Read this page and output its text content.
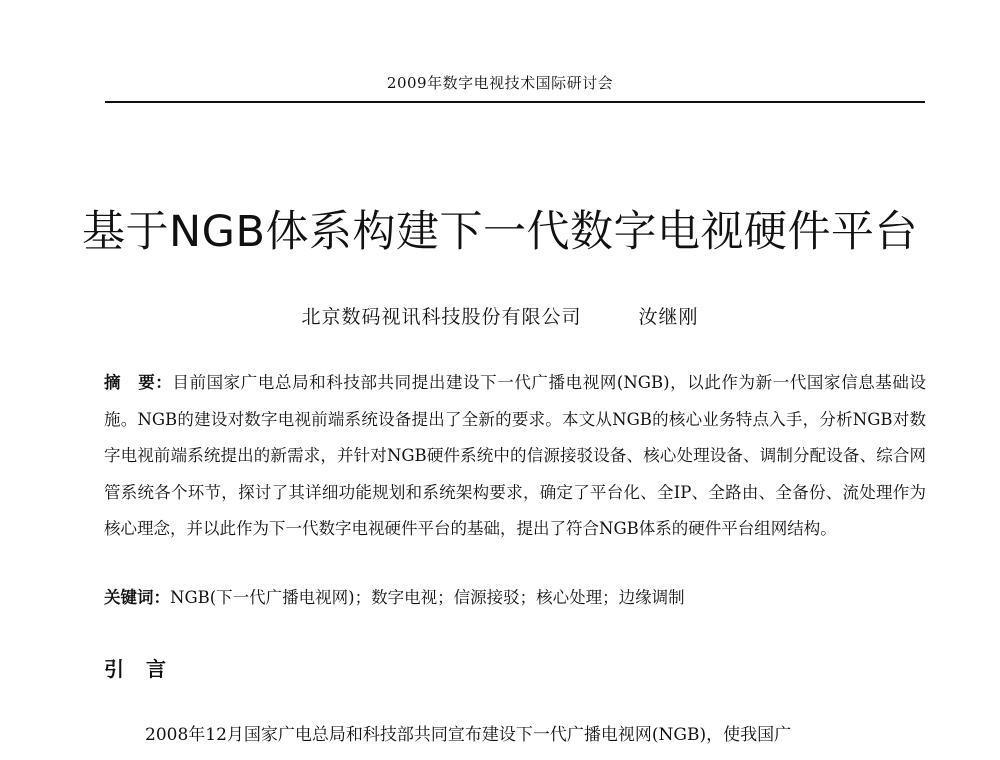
2009年数字电视技术国际研讨会
基于NGB体系构建下一代数字电视硬件平台
北京数码视讯科技股份有限公司	汝继刚
摘　要：目前国家广电总局和科技部共同提出建设下一代广播电视网(NGB)，以此作为新一代国家信息基础设施。NGB的建设对数字电视前端系统设备提出了全新的要求。本文从NGB的核心业务特点入手，分析NGB对数字电视前端系统提出的新需求，并针对NGB硬件系统中的信源接驳设备、核心处理设备、调制分配设备、综合网管系统各个环节，探讨了其详细功能规划和系统架构要求，确定了平台化、全IP、全路由、全备份、流处理作为核心理念，并以此作为下一代数字电视硬件平台的基础，提出了符合NGB体系的硬件平台组网结构。
关键词：NGB(下一代广播电视网)；数字电视；信源接驳；核心处理；边缘调制
引言
2008年12月国家广电总局和科技部共同宣布建设下一代广播电视网(NGB)，使我国广
